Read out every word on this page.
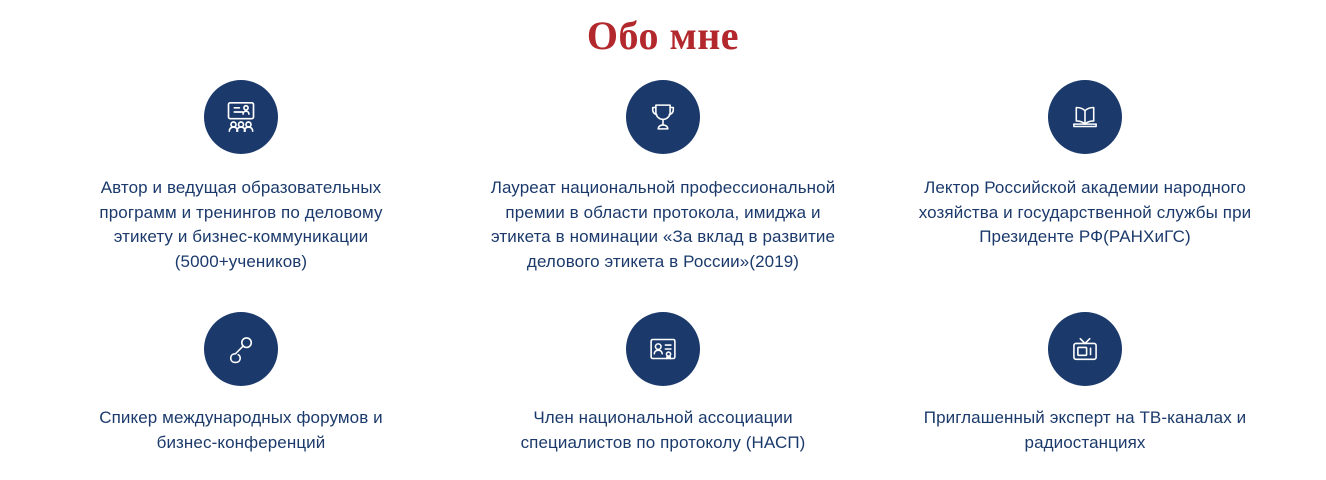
Обо мне
Автор и ведущая образовательных программ и тренингов по деловому этикету и бизнес-коммуникации (5000+учеников)
Лауреат национальной профессиональной премии в области протокола, имиджа и этикета в номинации «За вклад в развитие делового этикета в России»(2019)
Лектор Российской академии народного хозяйства и государственной службы при Президенте РФ(РАНХиГС)
Спикер международных форумов и бизнес-конференций
Член национальной ассоциации специалистов по протоколу (НАСП)
Приглашенный эксперт на ТВ-каналах и радиостанциях
